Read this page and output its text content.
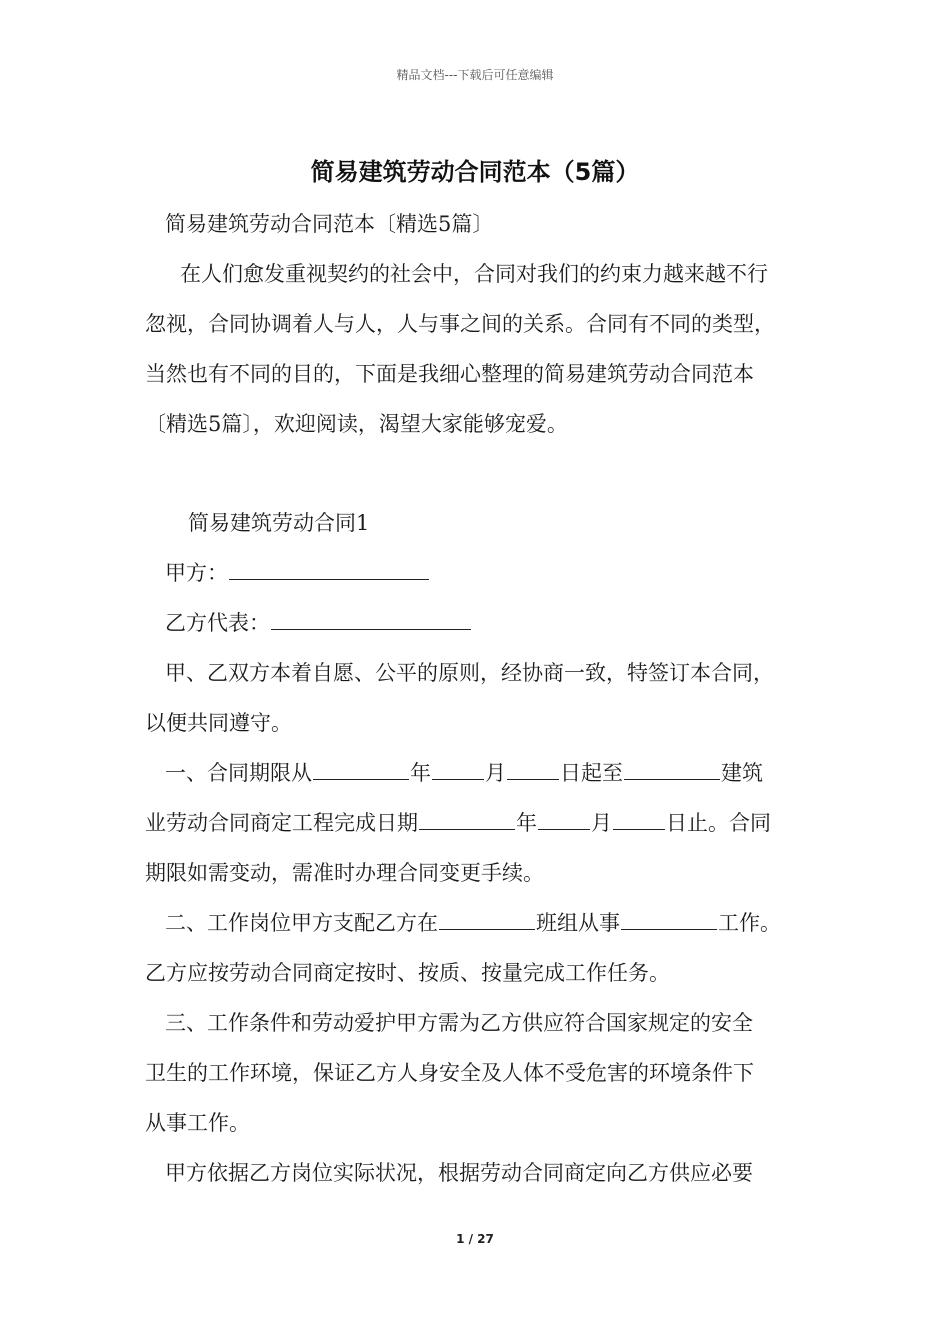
精品文档---下载后可任意编辑
简易建筑劳动合同范本（5篇）
简易建筑劳动合同范本〔精选5篇〕
在人们愈发重视契约的社会中，合同对我们的约束力越来越不行
忽视，合同协调着人与人，人与事之间的关系。合同有不同的类型，
当然也有不同的目的，下面是我细心整理的简易建筑劳动合同范本
〔精选5篇〕，欢迎阅读，渴望大家能够宠爱。
简易建筑劳动合同1
甲方：
乙方代表：
甲、乙双方本着自愿、公平的原则，经协商一致，特签订本合同，
以便共同遵守。
一、合同期限从	年	月	日起至	建筑
业劳动合同商定工程完成日期	年	月	日止。合同
期限如需变动，需准时办理合同变更手续。
二、工作岗位甲方支配乙方在	班组从事	工作。
乙方应按劳动合同商定按时、按质、按量完成工作任务。
三、工作条件和劳动爱护甲方需为乙方供应符合国家规定的安全
卫生的工作环境，保证乙方人身安全及人体不受危害的环境条件下
从事工作。
甲方依据乙方岗位实际状况，根据劳动合同商定向乙方供应必要
1 / 27
